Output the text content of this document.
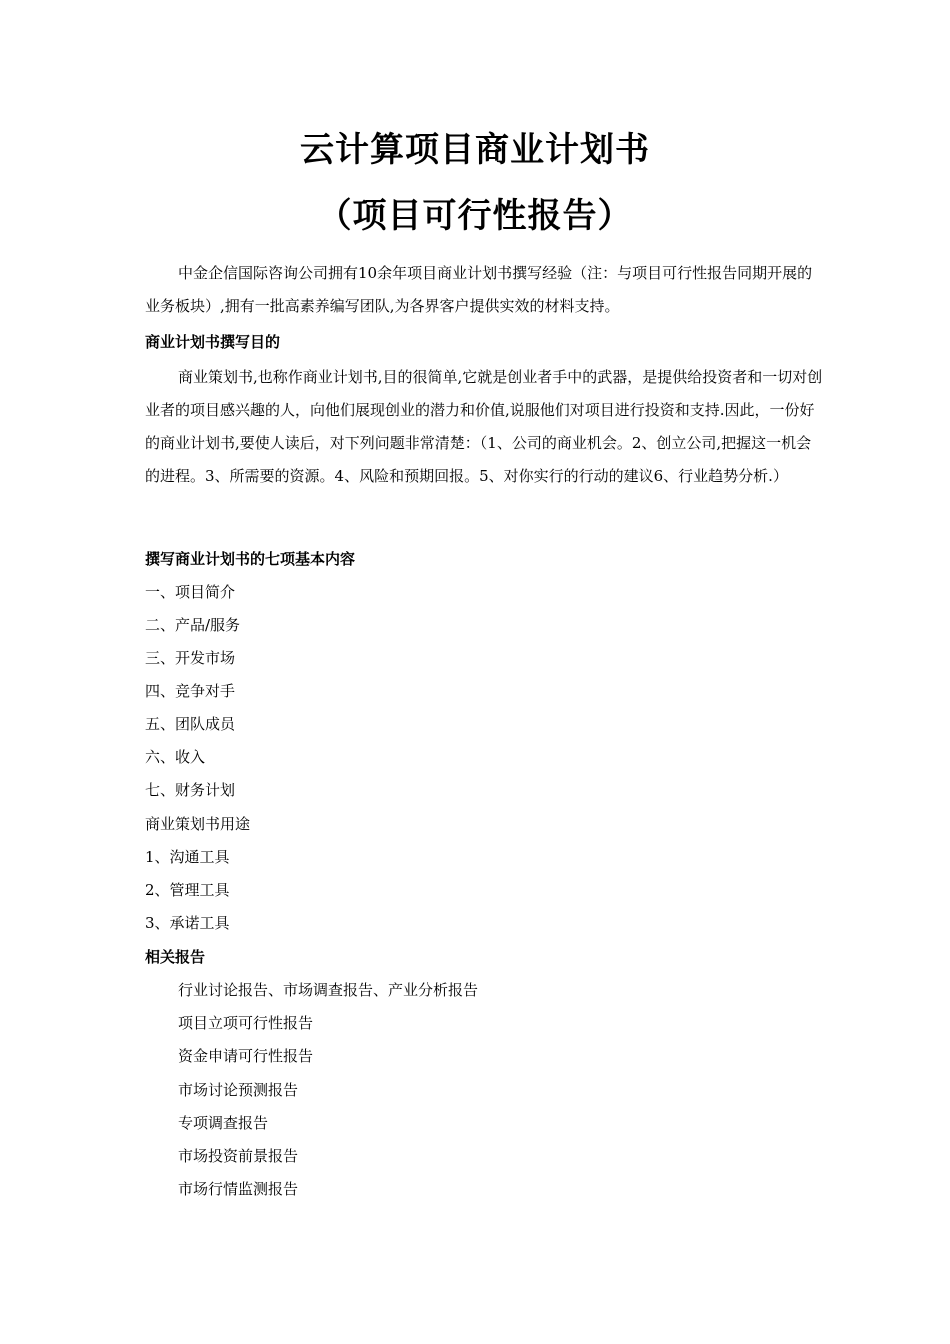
云计算项目商业计划书
（项目可行性报告）
中金企信国际咨询公司拥有10余年项目商业计划书撰写经验（注：与项目可行性报告同期开展的业务板块）,拥有一批高素养编写团队,为各界客户提供实效的材料支持。
商业计划书撰写目的
商业策划书,也称作商业计划书,目的很简单,它就是创业者手中的武器，是提供给投资者和一切对创业者的项目感兴趣的人，向他们展现创业的潜力和价值,说服他们对项目进行投资和支持.因此，一份好的商业计划书,要使人读后，对下列问题非常清楚：（1、公司的商业机会。2、创立公司,把握这一机会的进程。3、所需要的资源。4、风险和预期回报。5、对你实行的行动的建议6、行业趋势分析.）
撰写商业计划书的七项基本内容
一、项目简介
二、产品/服务
三、开发市场
四、竞争对手
五、团队成员
六、收入
七、财务计划
商业策划书用途
1、沟通工具
2、管理工具
3、承诺工具
相关报告
行业讨论报告、市场调查报告、产业分析报告
项目立项可行性报告
资金申请可行性报告
市场讨论预测报告
专项调查报告
市场投资前景报告
市场行情监测报告
